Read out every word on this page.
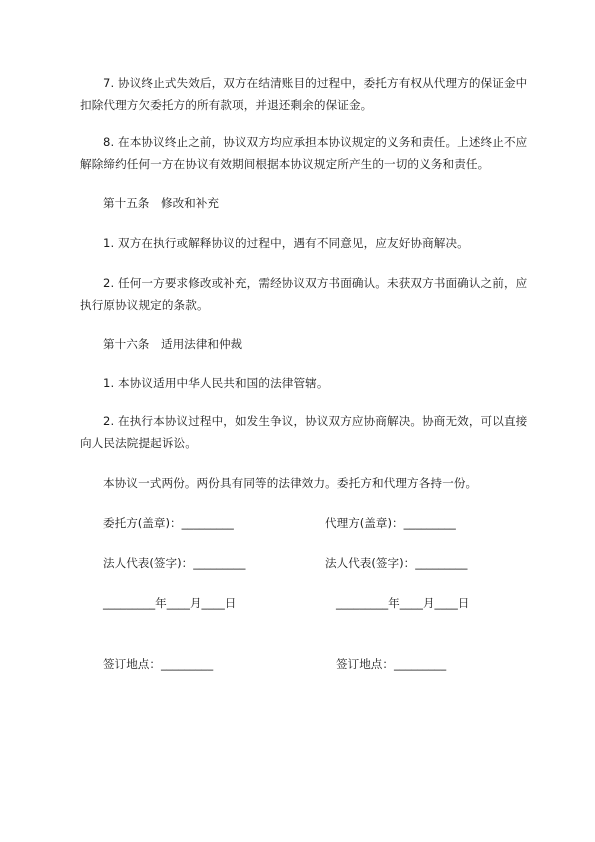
7. 协议终止式失效后，双方在结清账目的过程中，委托方有权从代理方的保证金中扣除代理方欠委托方的所有款项，并退还剩余的保证金。

8. 在本协议终止之前，协议双方均应承担本协议规定的义务和责任。上述终止不应解除缔约任何一方在协议有效期间根据本协议规定所产生的一切的义务和责任。

第十五条　修改和补充

1. 双方在执行或解释协议的过程中，遇有不同意见，应友好协商解决。

2. 任何一方要求修改或补充，需经协议双方书面确认。未获双方书面确认之前，应执行原协议规定的条款。

第十六条　适用法律和仲裁

1. 本协议适用中华人民共和国的法律管辖。

2. 在执行本协议过程中，如发生争议，协议双方应协商解决。协商无效，可以直接向人民法院提起诉讼。

本协议一式两份。两份具有同等的法律效力。委托方和代理方各持一份。

委托方(盖章)：_________	代理方(盖章)：_________

法人代表(签字)：_________	法人代表(签字)：_________

_________年____月____日	_________年____月____日

签订地点：_________	签订地点：_________
